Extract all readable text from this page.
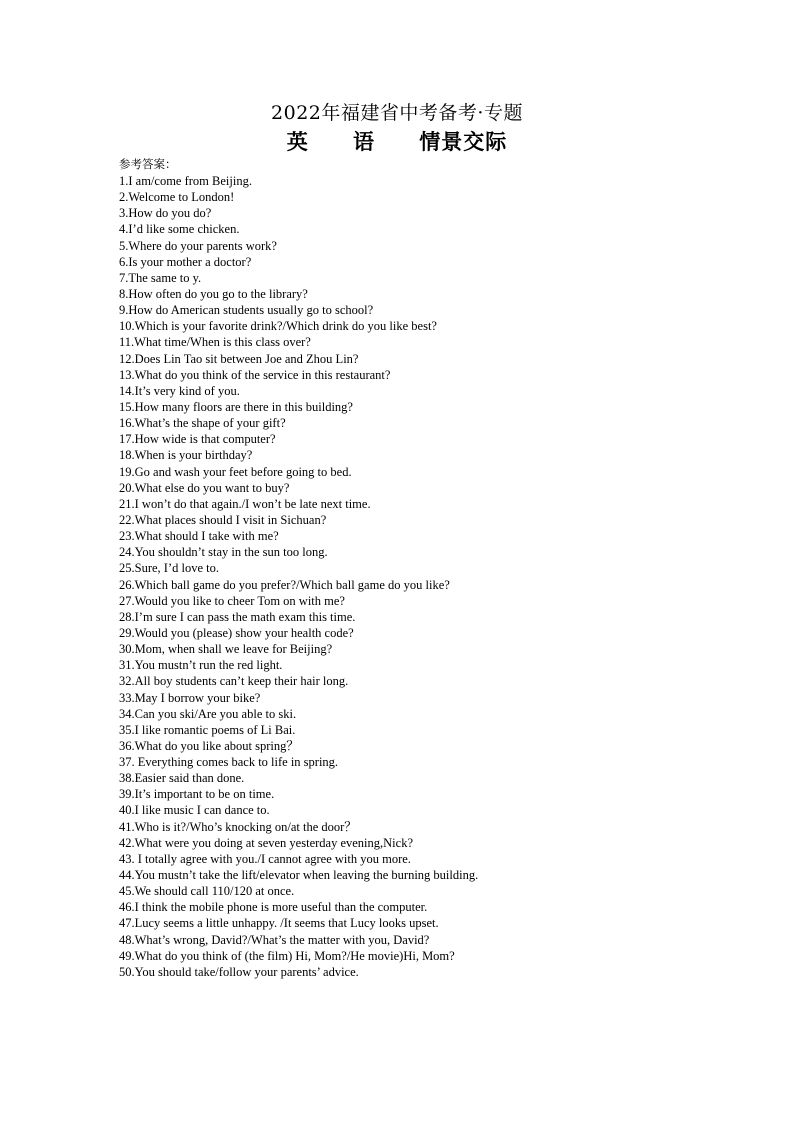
2022年福建省中考备考·专题
英　 语　 情景交际
参考答案：
1.I am/come from Beijing.
2.Welcome to London!
3.How do you do?
4.I’d like some chicken.
5.Where do your parents work?
6.Is your mother a doctor?
7.The same to y.
8.How often do you go to the library?
9.How do American students usually go to school?
10.Which is your favorite drink?/Which drink do you like best?
11.What time/When is this class over?
12.Does Lin Tao sit between Joe and Zhou Lin?
13.What do you think of the service in this restaurant?
14.It’s very kind of you.
15.How many floors are there in this building?
16.What’s the shape of your gift?
17.How wide is that computer?
18.When is your birthday?
19.Go and wash your feet before going to bed.
20.What else do you want to buy?
21.I won’t do that again./I won’t be late next time.
22.What places should I visit in Sichuan?
23.What should I take with me?
24.You shouldn’t stay in the sun too long.
25.Sure, I’d love to.
26.Which ball game do you prefer?/Which ball game do you like?
27.Would you like to cheer Tom on with me?
28.I’m sure I can pass the math exam this time.
29.Would you (please) show your health code?
30.Mom, when shall we leave for Beijing?
31.You mustn’t run the red light.
32.All boy students can’t keep their hair long.
33.May I borrow your bike?
34.Can you ski/Are you able to ski.
35.I like romantic poems of Li Bai.
36.What do you like about spring？
37. Everything comes back to life in spring.
38.Easier said than done.
39.It’s important to be on time.
40.I like music I can dance to.
41.Who is it?/Who’s knocking on/at the door？
42.What were you doing at seven yesterday evening,Nick?
43. I totally agree with you./I cannot agree with you more.
44.You mustn’t take the lift/elevator when leaving the burning building.
45.We should call 110/120 at once.
46.I think the mobile phone is more useful than the computer.
47.Lucy seems a little unhappy. /It seems that Lucy looks upset.
48.What’s wrong, David?/What’s the matter with you, David?
49.What do you think of (the film) Hi, Mom?/He movie)Hi, Mom?
50.You should take/follow your parents’ advice.
